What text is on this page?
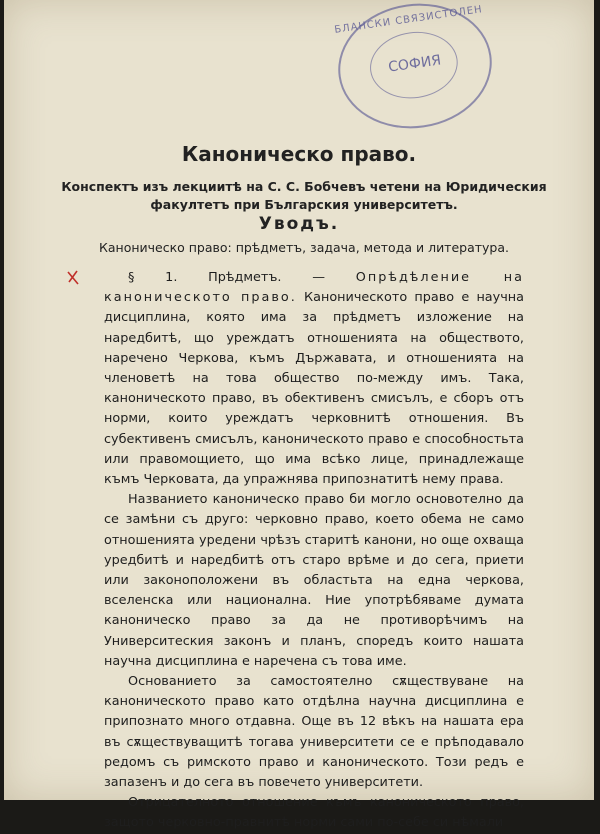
БЛАНСКИ СВЯЗИСТОЛЕН
СОФИЯ
Каноническо право.
Конспектъ изъ лекциитѣ на С. С. Бобчевъ четени на Юридическия факултетъ при Българския университетъ.
Уводъ.
Каноническо право: прѣдметъ, задача, метода и литература.

§ 1. Прѣдметъ. — Опрѣдѣление на каноническото право. Каноническото право е научна дисциплина, която има за прѣдметъ изложение на наредбитѣ, що уреждатъ отношенията на обществото, наречено Черкова, къмъ Държавата, и отношенията на членоветѣ на това общество по-между имъ. Така, каноническото право, въ обективенъ смисълъ, е сборъ отъ норми, които уреждатъ черковнитѣ отношения. Въ субективенъ смисълъ, каноническото право е способностьта или правомощието, що има всѣко лице, принадлежаще къмъ Черковата, да упражнява припознатитѣ нему права.

Названието каноническо право би могло основотелно да се замѣни съ друго: черковно право, което обема не само отношенията уредени чрѣзъ старитѣ канони, но още охваща уредбитѣ и наредбитѣ отъ старо врѣме и до сега, приети или законоположени въ областьта на една черкова, вселенска или национална. Ние употрѣбяваме думата каноническо право за да не противорѣчимъ на Университеския законъ и планъ, споредъ които нашата научна дисциплина е наречена съ това име.

Основанието за самостоятелно сѫществуване на каноническото право като отдѣлна научна дисциплина е припознато много отдавна. Още въ 12 вѣкъ на нашата ера въ сѫществуващитѣ тогава университети се е прѣподавало редомъ съ римското право и каноническото. Този редъ е запазенъ и до сега въ повечето университети.

Отрицателното отношение къмъ каноническото право, защото черковно-правнитѣ норми сами по-себе си нѣмали
